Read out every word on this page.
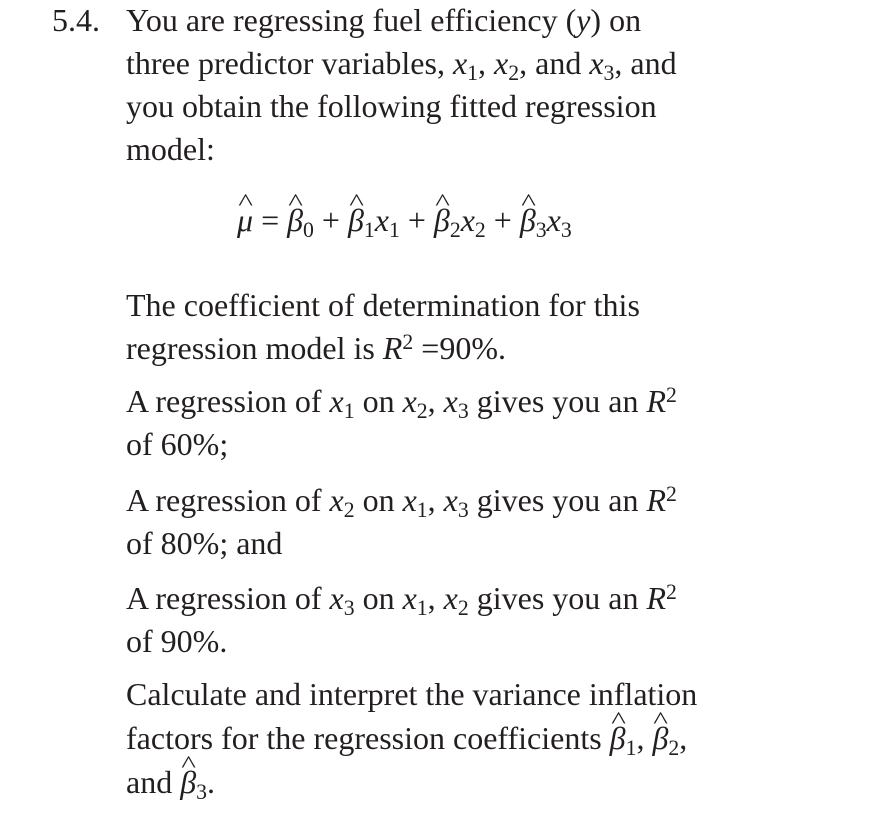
5.4. You are regressing fuel efficiency (y) on
three predictor variables, $x_1$, $x_2$, and $x_3$, and
you obtain the following fitted regression
model:
^ μ = ^ $\beta_0$ + ^ $\beta_1x_1$ + ^ $\beta_2x_2$ + ^ $\beta_3x_3$
The coefficient of determination for this
regression model is $R^2 =90\%$.
A regression of $x_1$ on $x_2$, $x_3$ gives you an $R^2$
of 60%;
A regression of $x_2$ on $x_1$, $x_3$ gives you an $R^2$
of 80%; and
A regression of $x_3$ on $x_1$, $x_2$ gives you an $R^2$
of 90%.
Calculate and interpret the variance inflation
factors for the regression coefficients ^ $\beta_1$, ^ $\beta_2$,
and ^ $\beta_3$.
